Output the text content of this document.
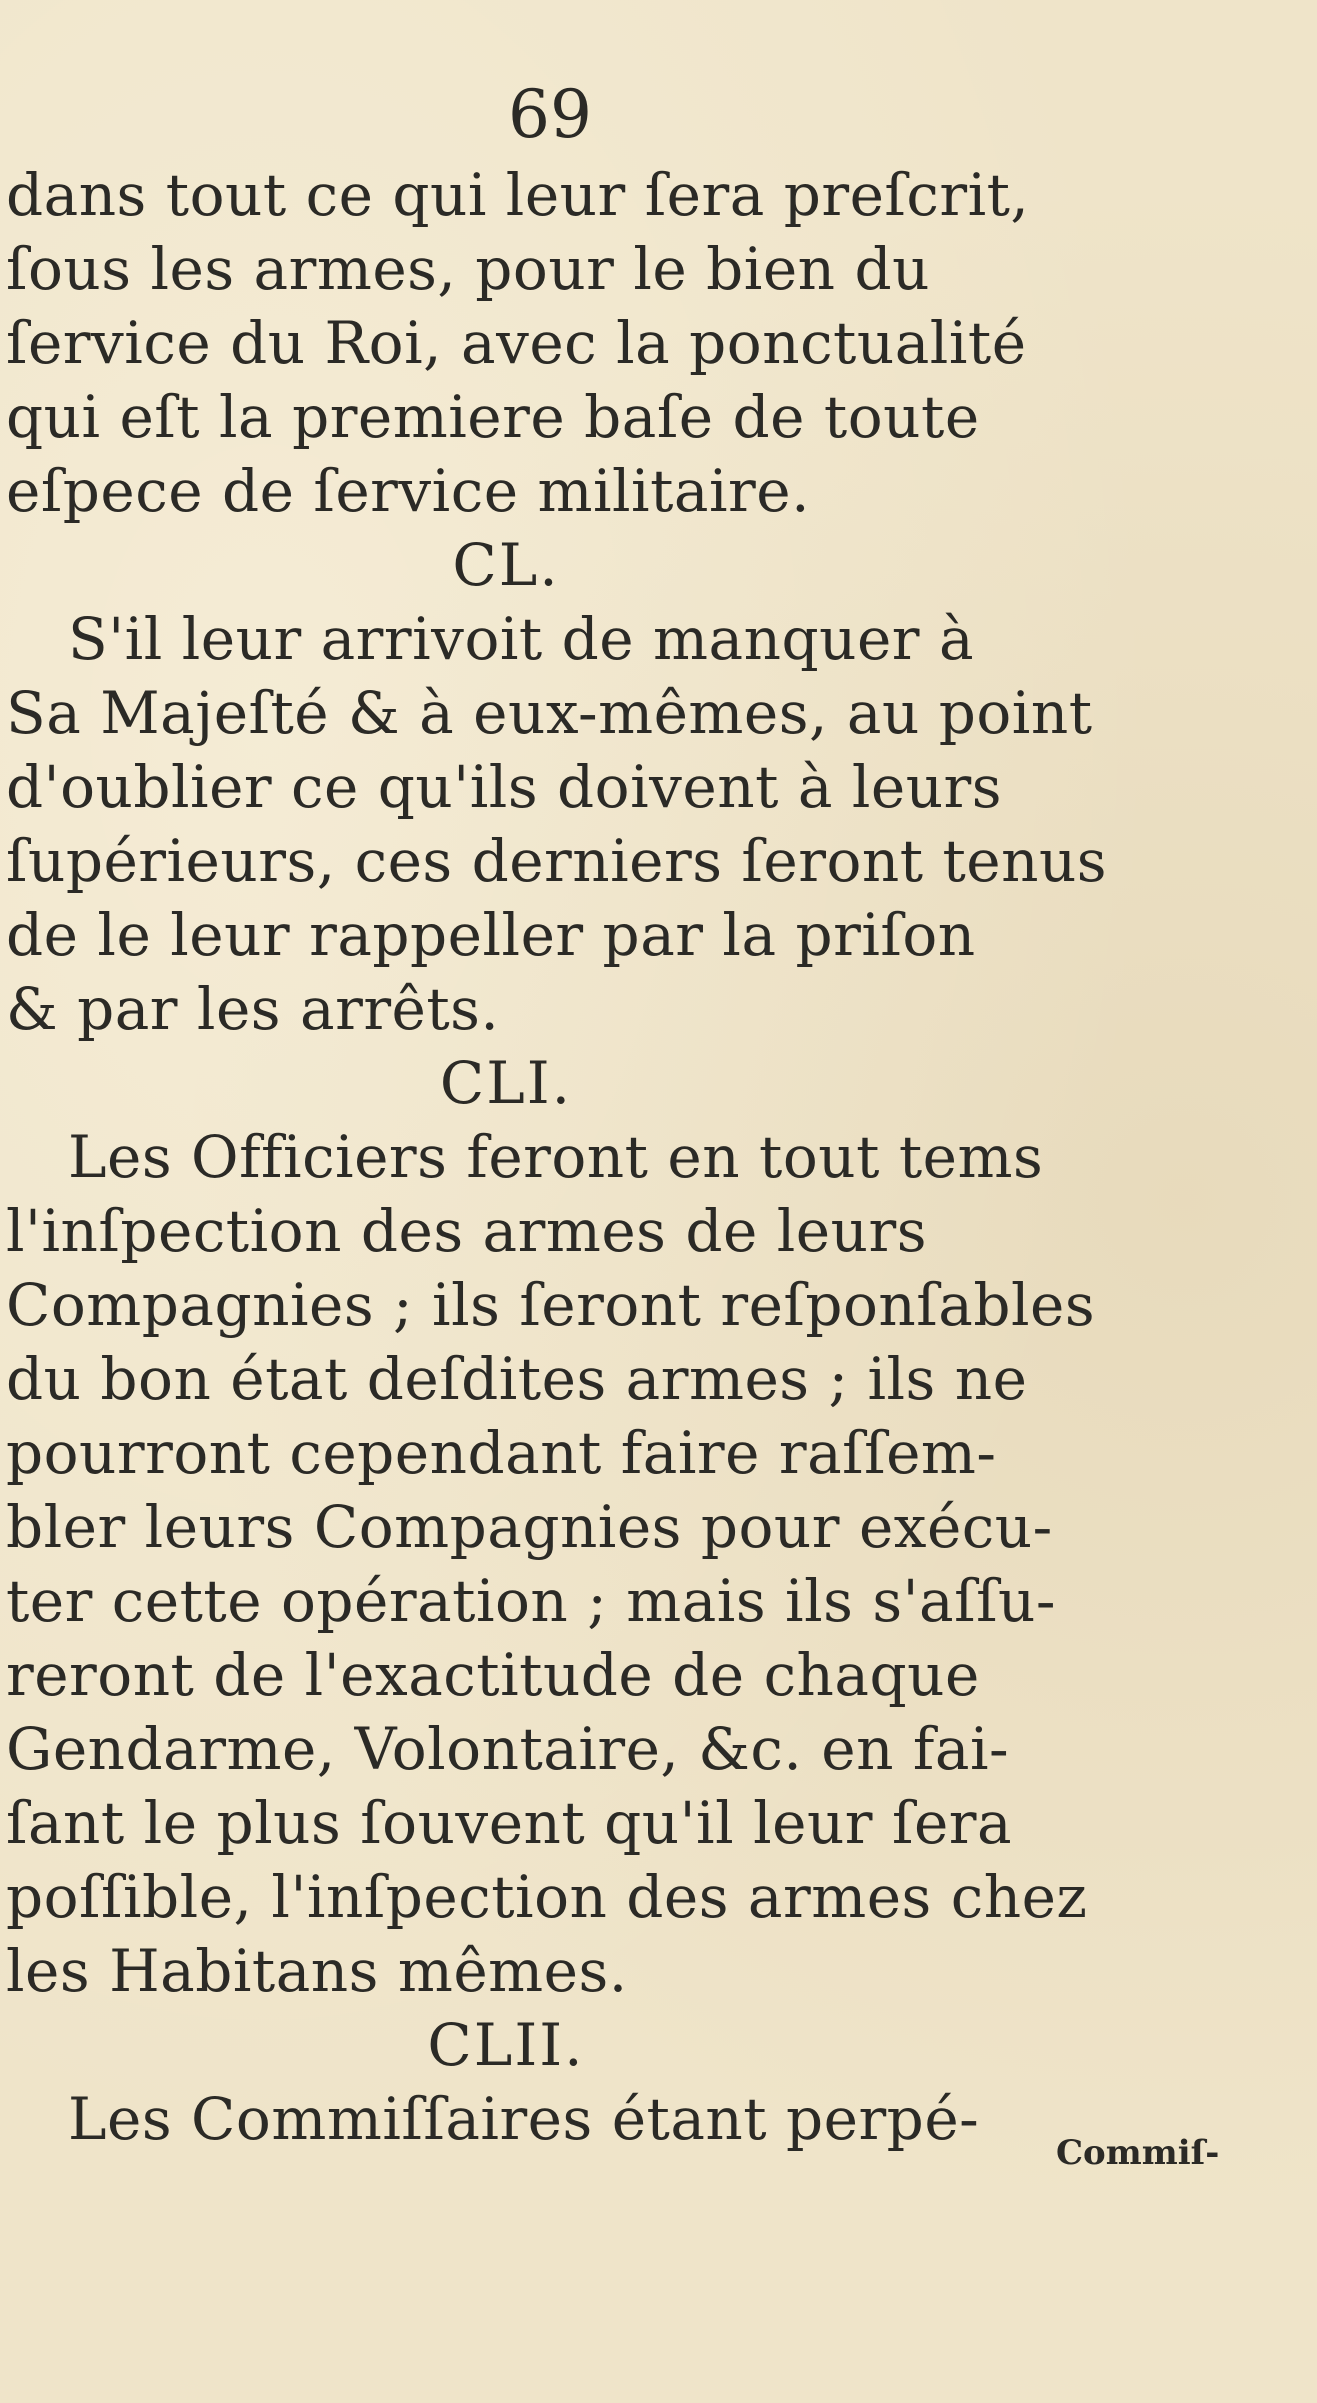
69
dans tout ce qui leur ſera preſcrit,
ſous les armes, pour le bien du
ſervice du Roi, avec la ponctualité
qui eſt la premiere baſe de toute
eſpece de ſervice militaire.
CL.
S'il leur arrivoit de manquer à
Sa Majeſté & à eux-mêmes, au point
d'oublier ce qu'ils doivent à leurs
ſupérieurs, ces derniers ſeront tenus
de le leur rappeller par la priſon
& par les arrêts.
CLI.
Les Officiers feront en tout tems
l'inſpection des armes de leurs
Compagnies ; ils ſeront reſponſables
du bon état deſdites armes ; ils ne
pourront cependant faire raſſem-
bler leurs Compagnies pour exécu-
ter cette opération ; mais ils s'aſſu-
reront de l'exactitude de chaque
Gendarme, Volontaire, &c. en fai-
ſant le plus ſouvent qu'il leur ſera
poſſible, l'inſpection des armes chez
les Habitans mêmes.
CLII.
Les Commiſſaires étant perpé-	Commiſ-
